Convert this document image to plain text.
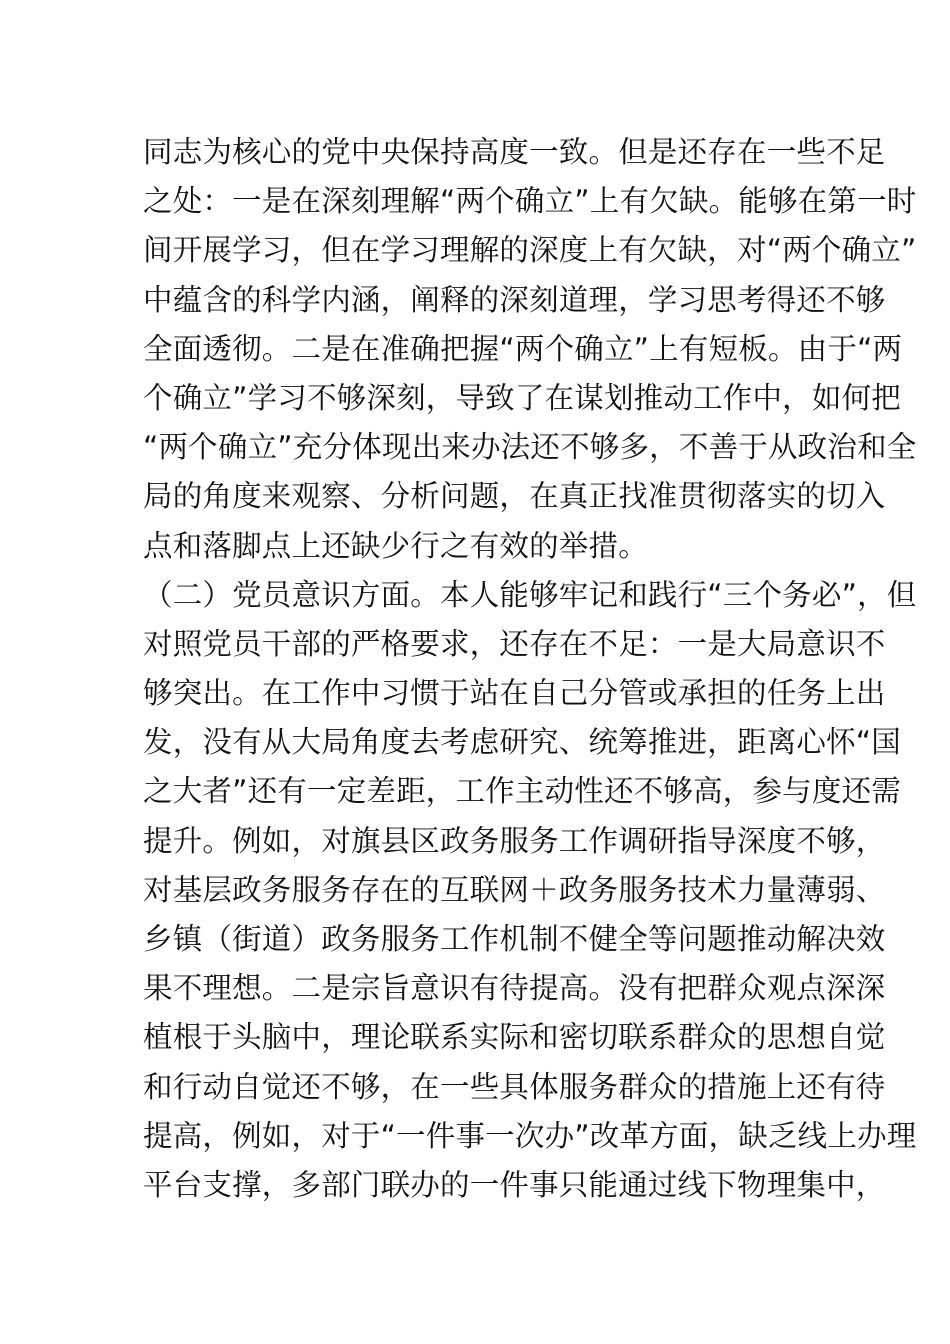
同志为核心的党中央保持高度一致。但是还存在一些不足
之处：一是在深刻理解“两个确立”上有欠缺。能够在第一时
间开展学习，但在学习理解的深度上有欠缺，对“两个确立”
中蕴含的科学内涵，阐释的深刻道理，学习思考得还不够
全面透彻。二是在准确把握“两个确立”上有短板。由于“两
个确立”学习不够深刻，导致了在谋划推动工作中，如何把
“两个确立”充分体现出来办法还不够多，不善于从政治和全
局的角度来观察、分析问题，在真正找准贯彻落实的切入
点和落脚点上还缺少行之有效的举措。
（二）党员意识方面。本人能够牢记和践行“三个务必”，但
对照党员干部的严格要求，还存在不足：一是大局意识不
够突出。在工作中习惯于站在自己分管或承担的任务上出
发，没有从大局角度去考虑研究、统筹推进，距离心怀“国
之大者”还有一定差距，工作主动性还不够高，参与度还需
提升。例如，对旗县区政务服务工作调研指导深度不够，
对基层政务服务存在的互联网＋政务服务技术力量薄弱、
乡镇（街道）政务服务工作机制不健全等问题推动解决效
果不理想。二是宗旨意识有待提高。没有把群众观点深深
植根于头脑中，理论联系实际和密切联系群众的思想自觉
和行动自觉还不够，在一些具体服务群众的措施上还有待
提高，例如，对于“一件事一次办”改革方面，缺乏线上办理
平台支撑，多部门联办的一件事只能通过线下物理集中，
